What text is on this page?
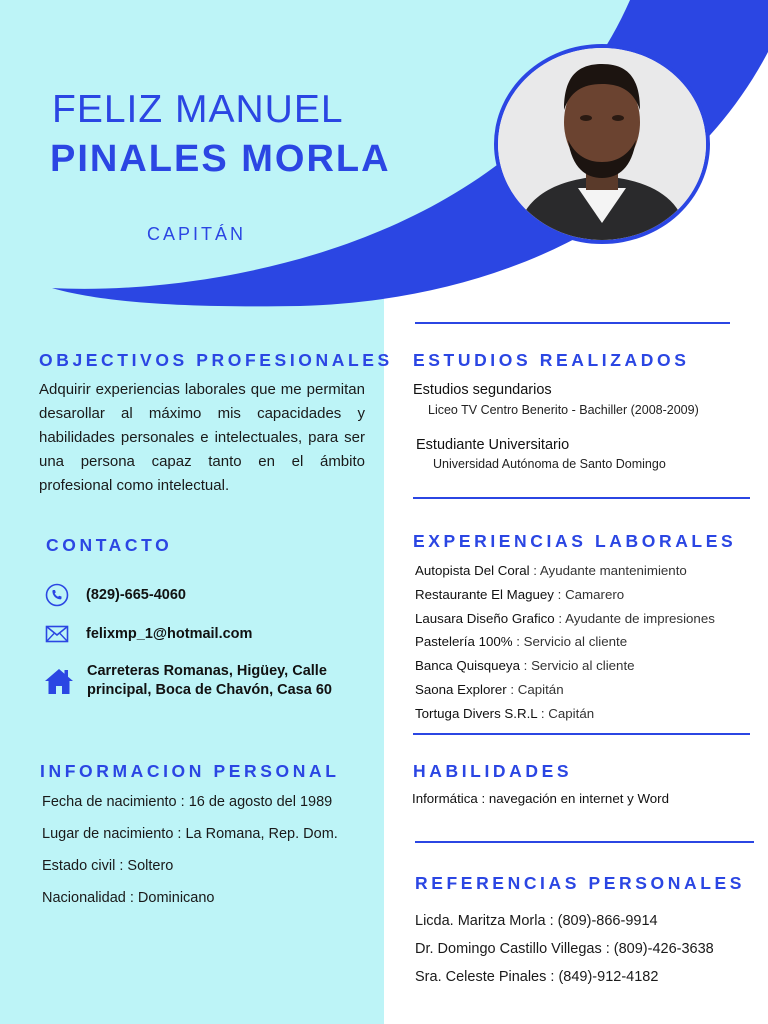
FELIZ MANUEL
PINALES MORLA
CAPITÁN
OBJECTIVOS PROFESIONALES
Adquirir experiencias laborales que me permitan desarollar al máximo mis capacidades y habilidades personales e intelectuales, para ser una persona capaz tanto en el ámbito profesional como intelectual.
CONTACTO
(829)-665-4060
felixmp_1@hotmail.com
Carreteras Romanas, Higüey, Calle
principal, Boca de Chavón, Casa 60
INFORMACION PERSONAL
Fecha de nacimiento : 16 de agosto del 1989
Lugar de nacimiento : La Romana, Rep. Dom.
Estado civil : Soltero
Nacionalidad : Dominicano
ESTUDIOS REALIZADOS
Estudios segundarios
Liceo TV Centro Benerito - Bachiller (2008-2009)
Estudiante Universitario
Universidad Autónoma de Santo Domingo
EXPERIENCIAS LABORALES
Autopista Del Coral : Ayudante mantenimiento
Restaurante El Maguey : Camarero
Lausara Diseño Grafico : Ayudante de impresiones
Pastelería 100% : Servicio al cliente
Banca Quisqueya : Servicio al cliente
Saona Explorer : Capitán
Tortuga Divers S.R.L : Capitán
HABILIDADES
Informática : navegación en internet y Word
REFERENCIAS PERSONALES
Licda. Maritza Morla : (809)-866-9914
Dr. Domingo Castillo Villegas : (809)-426-3638
Sra. Celeste Pinales : (849)-912-4182
